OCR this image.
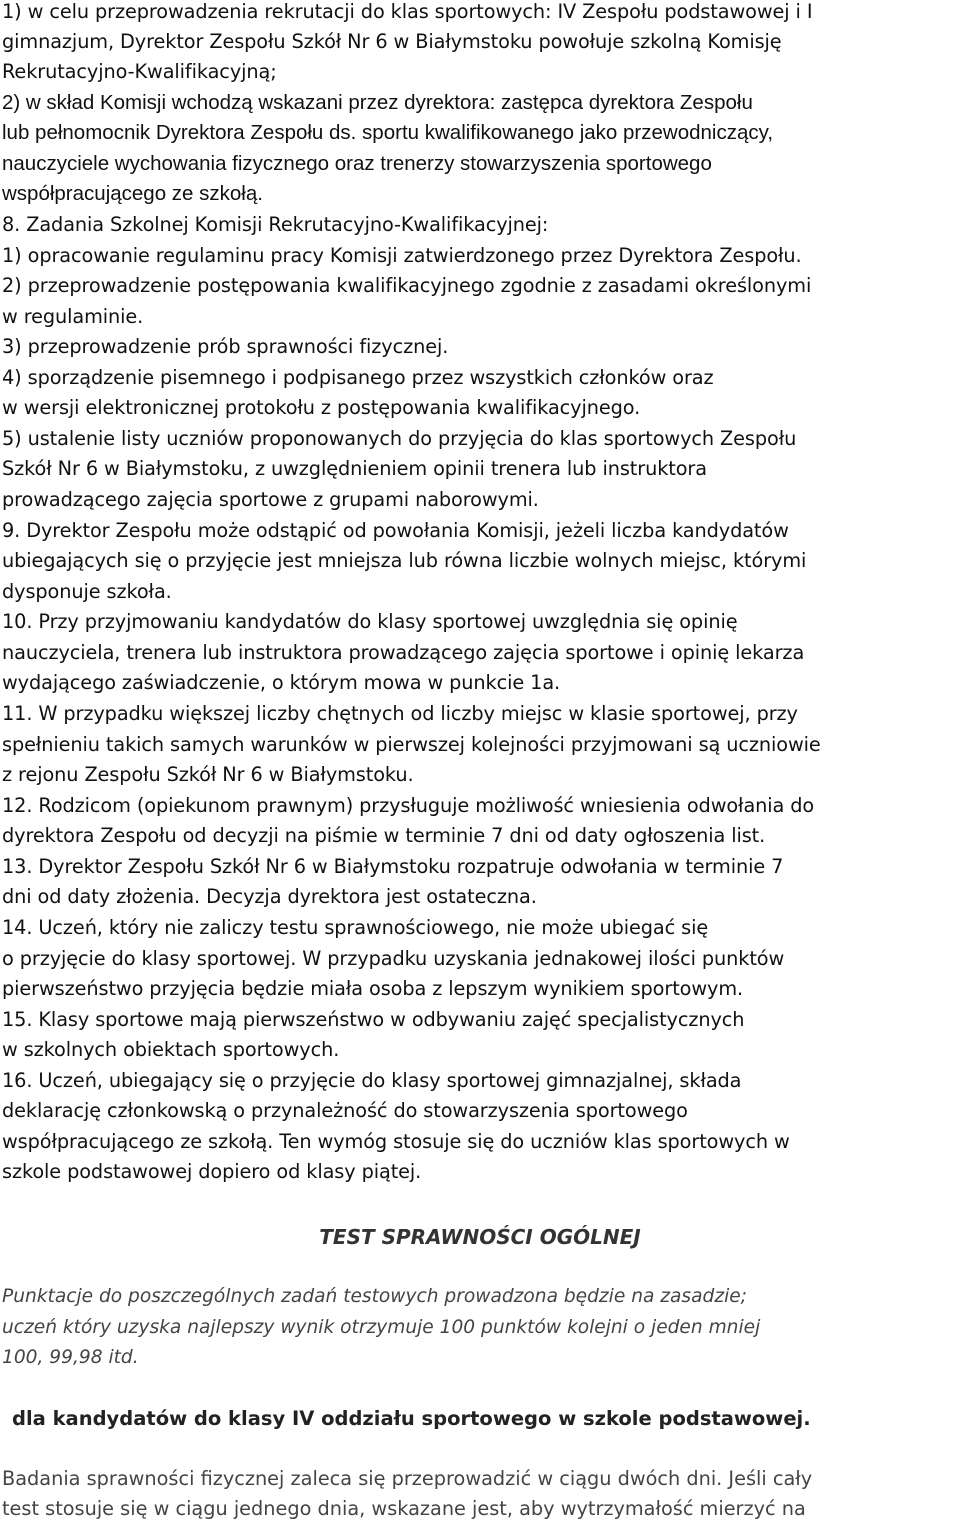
1) w celu przeprowadzenia rekrutacji do klas sportowych: IV Zespołu podstawowej i I
gimnazjum, Dyrektor Zespołu Szkół Nr 6 w Białymstoku powołuje szkolną Komisję
Rekrutacyjno-Kwalifikacyjną;
2) w skład Komisji wchodzą wskazani przez dyrektora: zastępca dyrektora Zespołu
lub pełnomocnik Dyrektora Zespołu ds. sportu kwalifikowanego jako przewodniczący,
nauczyciele wychowania fizycznego oraz trenerzy stowarzyszenia sportowego
współpracującego ze szkołą.
8. Zadania Szkolnej Komisji Rekrutacyjno-Kwalifikacyjnej:
1) opracowanie regulaminu pracy Komisji zatwierdzonego przez Dyrektora Zespołu.
2) przeprowadzenie postępowania kwalifikacyjnego zgodnie z zasadami określonymi
w regulaminie.
3) przeprowadzenie prób sprawności fizycznej.
4) sporządzenie pisemnego i podpisanego przez wszystkich członków oraz
w wersji elektronicznej protokołu z postępowania kwalifikacyjnego.
5) ustalenie listy uczniów proponowanych do przyjęcia do klas sportowych Zespołu
Szkół Nr 6 w Białymstoku, z uwzględnieniem opinii trenera lub instruktora
prowadzącego zajęcia sportowe z grupami naborowymi.
9. Dyrektor Zespołu może odstąpić od powołania Komisji, jeżeli liczba kandydatów
ubiegających się o przyjęcie jest mniejsza lub równa liczbie wolnych miejsc, którymi
dysponuje szkoła.
10. Przy przyjmowaniu kandydatów do klasy sportowej uwzględnia się opinię
nauczyciela, trenera lub instruktora prowadzącego zajęcia sportowe i opinię lekarza
wydającego zaświadczenie, o którym mowa w punkcie 1a.
11. W przypadku większej liczby chętnych od liczby miejsc w klasie sportowej, przy
spełnieniu takich samych warunków w pierwszej kolejności przyjmowani są uczniowie
z rejonu Zespołu Szkół Nr 6 w Białymstoku.
12. Rodzicom (opiekunom prawnym) przysługuje możliwość wniesienia odwołania do
dyrektora Zespołu od decyzji na piśmie w terminie 7 dni od daty ogłoszenia list.
13. Dyrektor Zespołu Szkół Nr 6 w Białymstoku rozpatruje odwołania w terminie 7
dni od daty złożenia. Decyzja dyrektora jest ostateczna.
14. Uczeń, który nie zaliczy testu sprawnościowego, nie może ubiegać się
o przyjęcie do klasy sportowej. W przypadku uzyskania jednakowej ilości punktów
pierwszeństwo przyjęcia będzie miała osoba z lepszym wynikiem sportowym.
15. Klasy sportowe mają pierwszeństwo w odbywaniu zajęć specjalistycznych
w szkolnych obiektach sportowych.
16. Uczeń, ubiegający się o przyjęcie do klasy sportowej gimnazjalnej, składa
deklarację członkowską o przynależność do stowarzyszenia sportowego
współpracującego ze szkołą. Ten wymóg stosuje się do uczniów klas sportowych w
szkole podstawowej dopiero od klasy piątej.
TEST SPRAWNOŚCI OGÓLNEJ
Punktacje do poszczególnych zadań testowych prowadzona będzie na zasadzie;
uczeń który uzyska najlepszy wynik otrzymuje 100 punktów kolejni o jeden mniej
100, 99,98 itd.
dla kandydatów do klasy IV oddziału sportowego w szkole podstawowej.
Badania sprawności fizycznej zaleca się przeprowadzić w ciągu dwóch dni. Jeśli cały
test stosuje się w ciągu jednego dnia, wskazane jest, aby wytrzymałość mierzyć na
